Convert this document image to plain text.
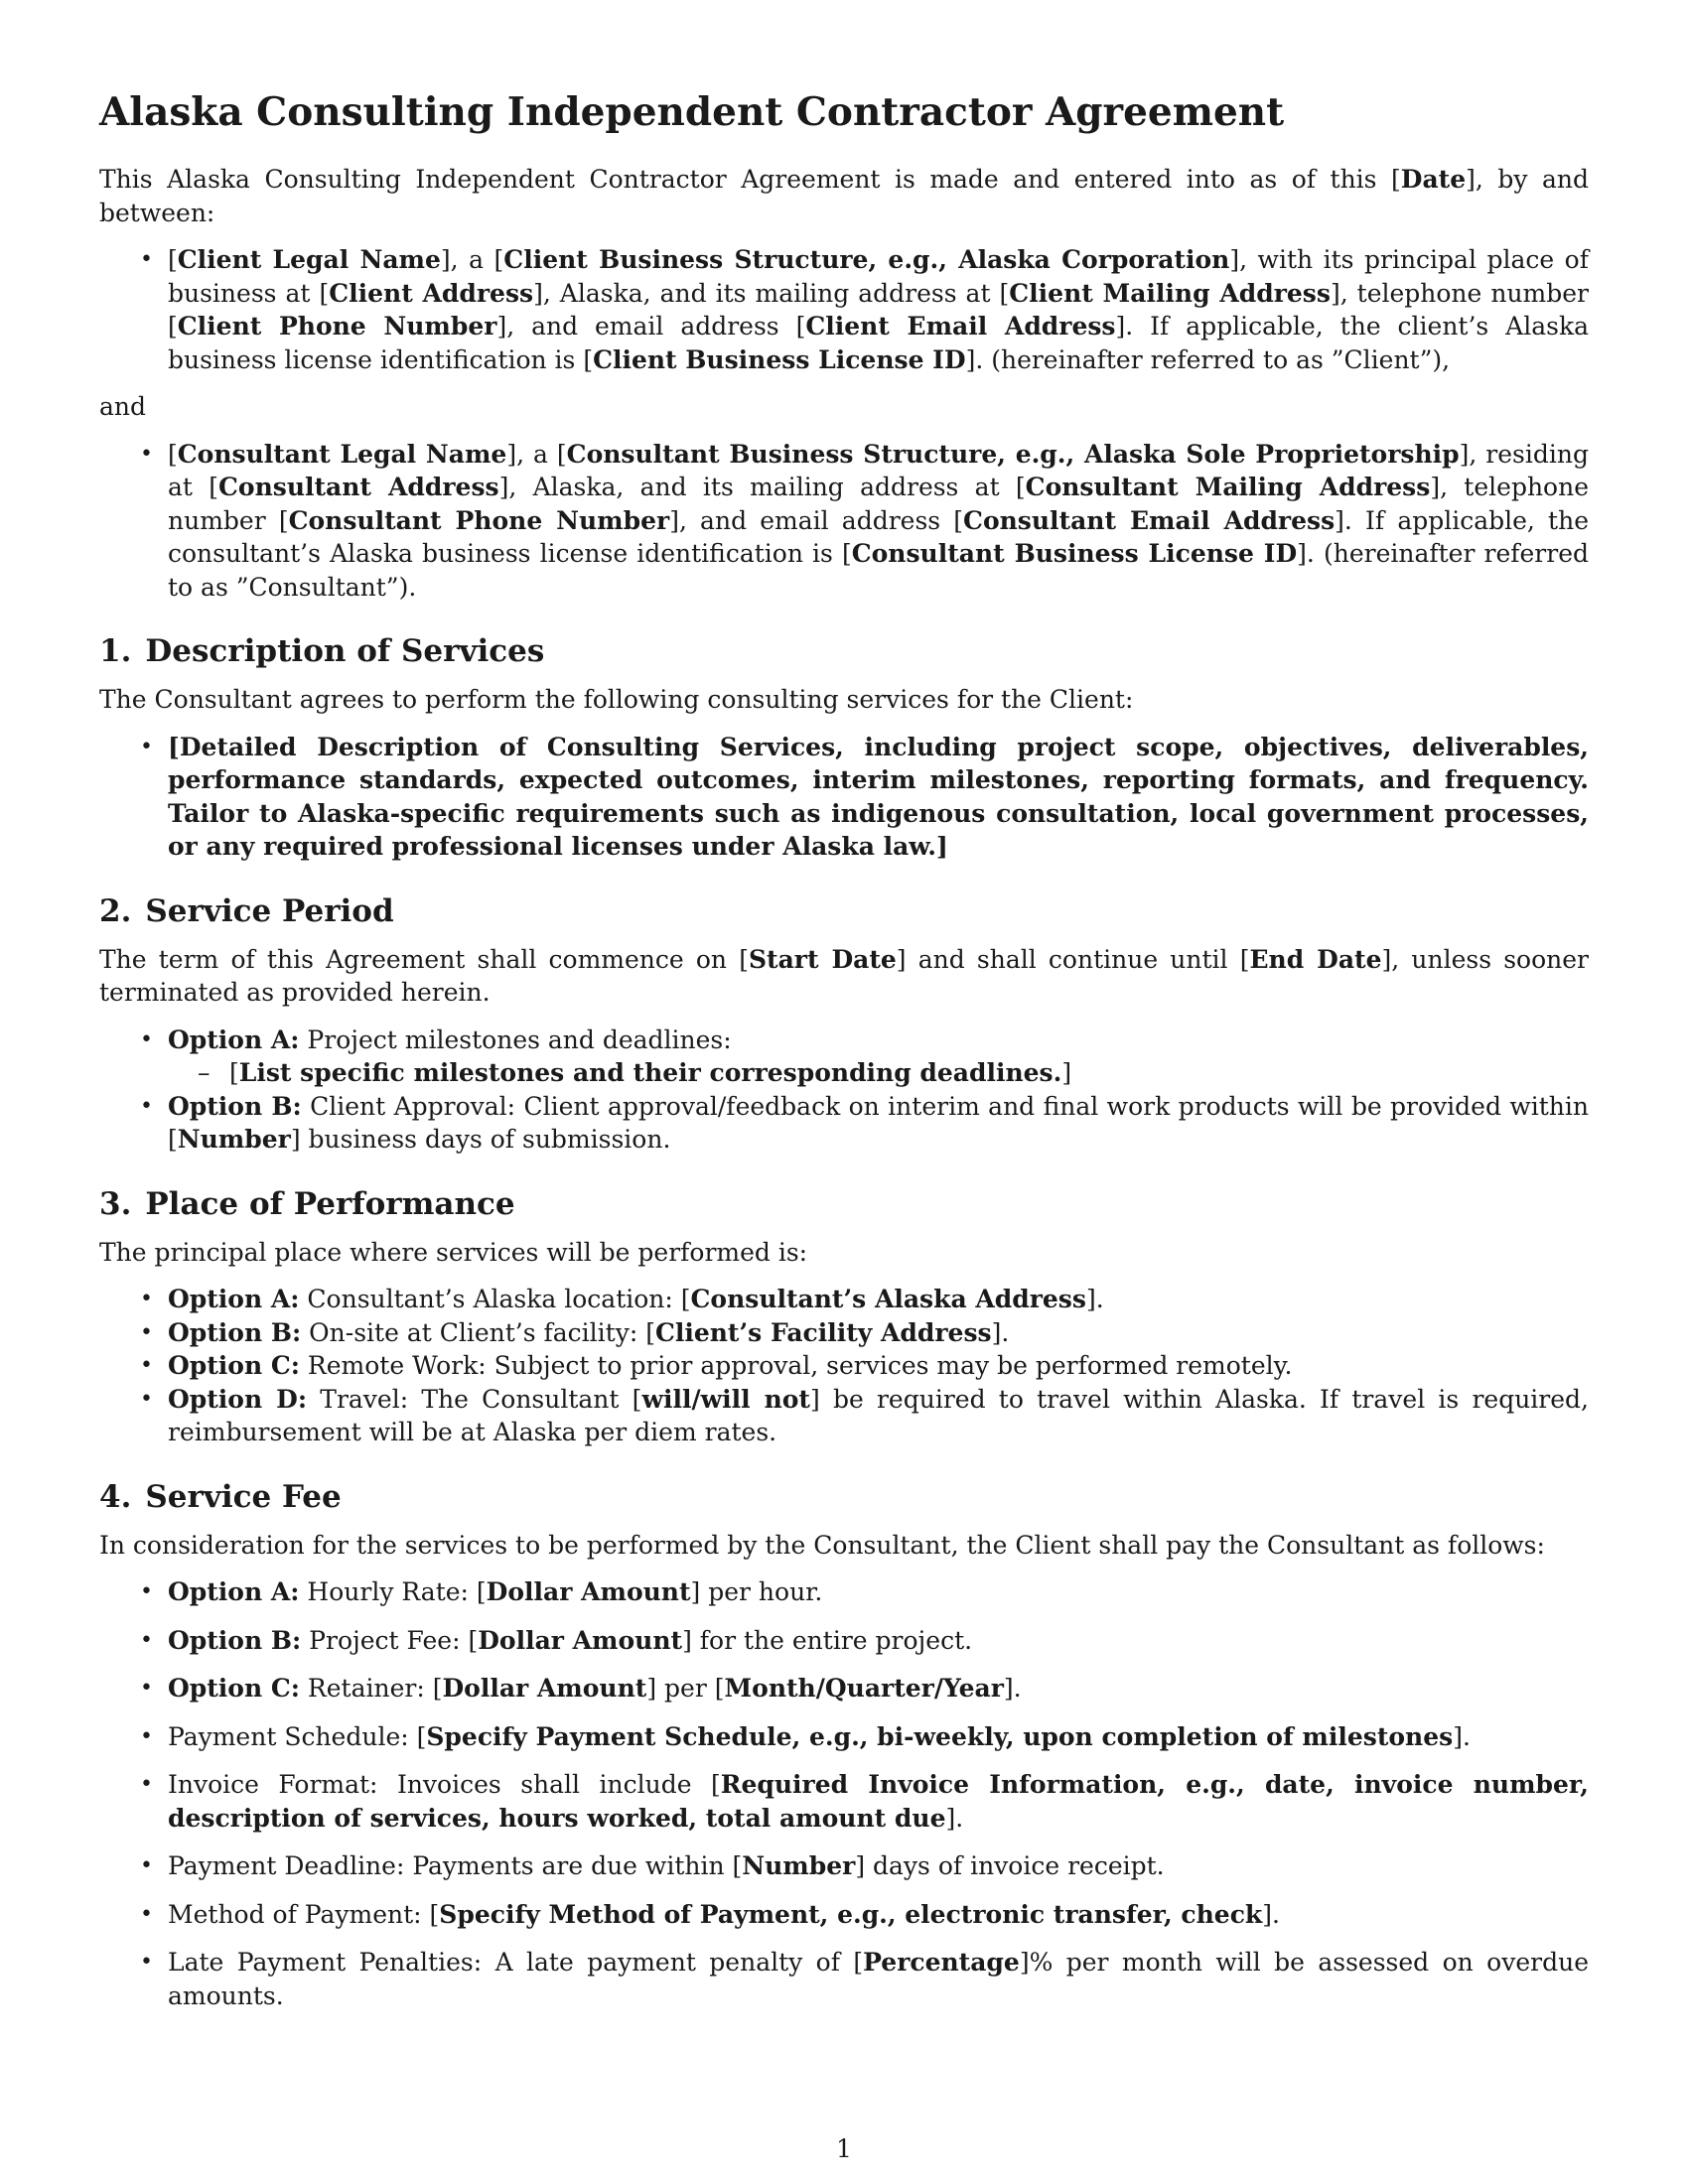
Alaska Consulting Independent Contractor Agreement

This Alaska Consulting Independent Contractor Agreement is made and entered into as of this [Date], by and between:

• [Client Legal Name], a [Client Business Structure, e.g., Alaska Corporation], with its principal place of business at [Client Address], Alaska, and its mailing address at [Client Mailing Address], telephone number [Client Phone Number], and email address [Client Email Address]. If applicable, the client’s Alaska business license identification is [Client Business License ID]. (hereinafter referred to as ”Client”),

and

• [Consultant Legal Name], a [Consultant Business Structure, e.g., Alaska Sole Proprietorship], residing at [Consultant Address], Alaska, and its mailing address at [Consultant Mailing Address], telephone number [Consultant Phone Number], and email address [Consultant Email Address]. If applicable, the consultant’s Alaska business license identification is [Consultant Business License ID]. (hereinafter referred to as ”Consultant”).
1. Description of Services

The Consultant agrees to perform the following consulting services for the Client:

• [Detailed Description of Consulting Services, including project scope, objectives, deliverables, performance standards, expected outcomes, interim milestones, reporting formats, and frequency. Tailor to Alaska-specific requirements such as indigenous consultation, local government processes, or any required professional licenses under Alaska law.]
2. Service Period

The term of this Agreement shall commence on [Start Date] and shall continue until [End Date], unless sooner terminated as provided herein.

• Option A: Project milestones and deadlines:
– [List specific milestones and their corresponding deadlines.]
• Option B: Client Approval: Client approval/feedback on interim and final work products will be provided within [Number] business days of submission.
3. Place of Performance

The principal place where services will be performed is:

• Option A: Consultant’s Alaska location: [Consultant’s Alaska Address].
• Option B: On-site at Client’s facility: [Client’s Facility Address].
• Option C: Remote Work: Subject to prior approval, services may be performed remotely.
• Option D: Travel: The Consultant [will/will not] be required to travel within Alaska. If travel is required, reimbursement will be at Alaska per diem rates.
4. Service Fee

In consideration for the services to be performed by the Consultant, the Client shall pay the Consultant as follows:

• Option A: Hourly Rate: [Dollar Amount] per hour.
• Option B: Project Fee: [Dollar Amount] for the entire project.
• Option C: Retainer: [Dollar Amount] per [Month/Quarter/Year].
• Payment Schedule: [Specify Payment Schedule, e.g., bi-weekly, upon completion of milestones].
• Invoice Format: Invoices shall include [Required Invoice Information, e.g., date, invoice number, description of services, hours worked, total amount due].
• Payment Deadline: Payments are due within [Number] days of invoice receipt.
• Method of Payment: [Specify Method of Payment, e.g., electronic transfer, check].
• Late Payment Penalties: A late payment penalty of [Percentage]% per month will be assessed on overdue amounts.
1
